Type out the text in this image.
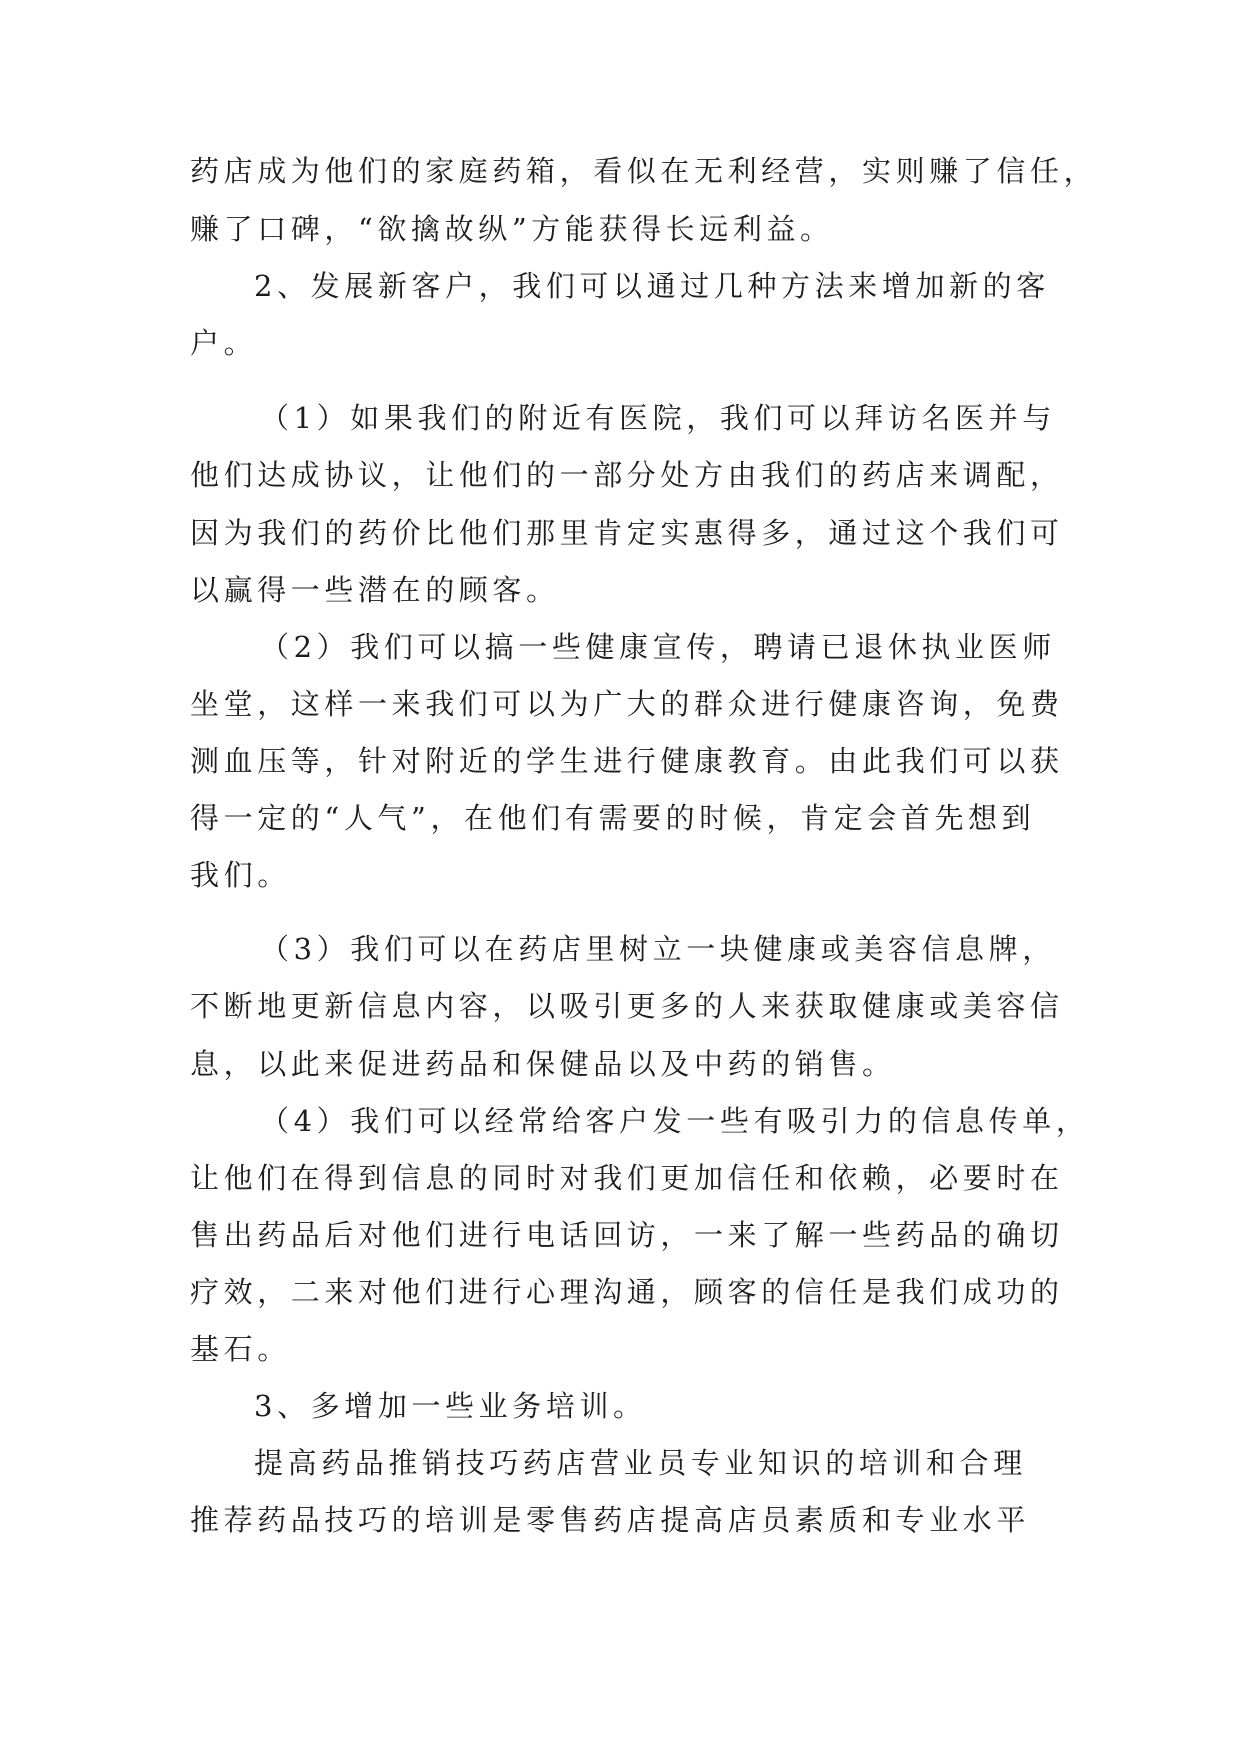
药店成为他们的家庭药箱，看似在无利经营，实则赚了信任，
赚了口碑，“欲擒故纵”方能获得长远利益。
2、发展新客户，我们可以通过几种方法来增加新的客
户。
（1）如果我们的附近有医院，我们可以拜访名医并与
他们达成协议，让他们的一部分处方由我们的药店来调配，
因为我们的药价比他们那里肯定实惠得多，通过这个我们可
以赢得一些潜在的顾客。
（2）我们可以搞一些健康宣传，聘请已退休执业医师
坐堂，这样一来我们可以为广大的群众进行健康咨询，免费
测血压等，针对附近的学生进行健康教育。由此我们可以获
得一定的“人气”，在他们有需要的时候，肯定会首先想到
我们。
（3）我们可以在药店里树立一块健康或美容信息牌，
不断地更新信息内容，以吸引更多的人来获取健康或美容信
息，以此来促进药品和保健品以及中药的销售。
（4）我们可以经常给客户发一些有吸引力的信息传单，
让他们在得到信息的同时对我们更加信任和依赖，必要时在
售出药品后对他们进行电话回访，一来了解一些药品的确切
疗效，二来对他们进行心理沟通，顾客的信任是我们成功的
基石。
3、多增加一些业务培训。
提高药品推销技巧药店营业员专业知识的培训和合理
推荐药品技巧的培训是零售药店提高店员素质和专业水平
